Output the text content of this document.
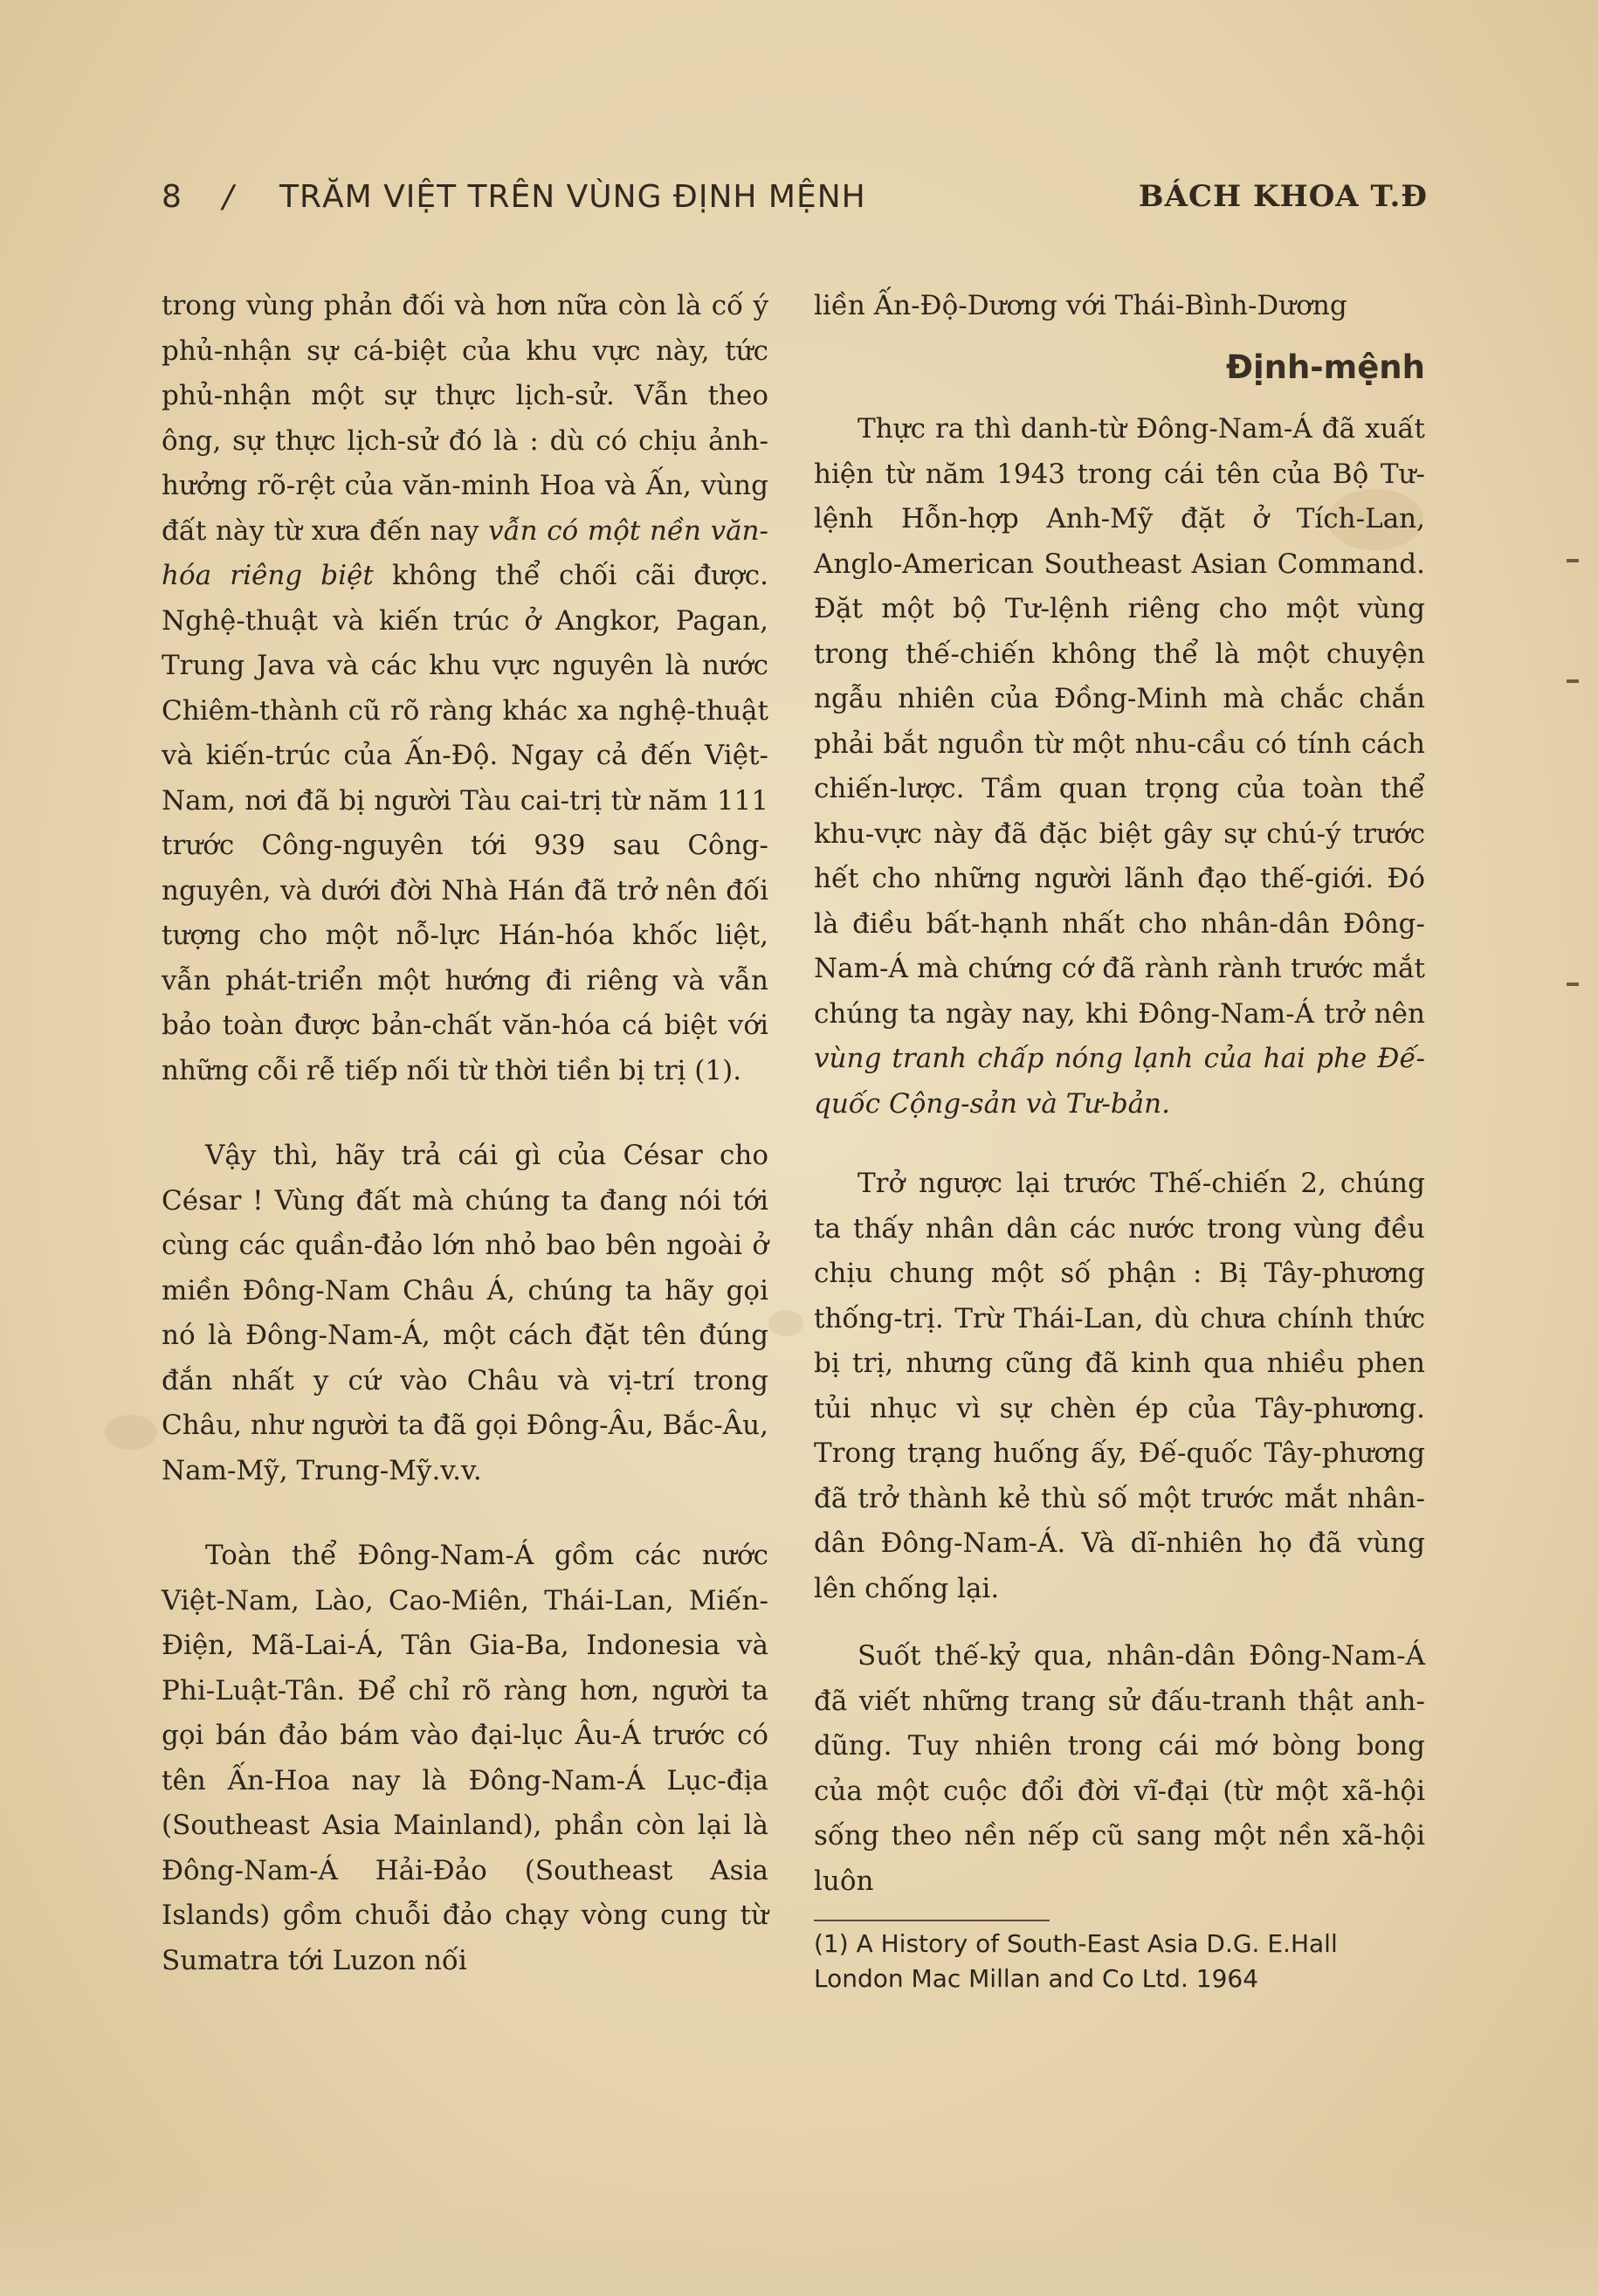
8 / TRĂM VIỆT TRÊN VÙNG ĐỊNH MỆNH	BÁCH KHOA T.Đ

trong vùng phản đối và hơn nữa còn là cố ý phủ-nhận sự cá-biệt của khu vực này, tức phủ-nhận một sự thực lịch-sử. Vẫn theo ông, sự thực lịch-sử đó là : dù có chịu ảnh-hưởng rõ-rệt của văn-minh Hoa và Ấn, vùng đất này từ xưa đến nay vẫn có một nền văn-hóa riêng biệt không thể chối cãi được. Nghệ-thuật và kiến trúc ở Angkor, Pagan, Trung Java và các khu vực nguyên là nước Chiêm-thành cũ rõ ràng khác xa nghệ-thuật và kiến-trúc của Ấn-Độ. Ngay cả đến Việt-Nam, nơi đã bị người Tàu cai-trị từ năm 111 trước Công-nguyên tới 939 sau Công-nguyên, và dưới đời Nhà Hán đã trở nên đối tượng cho một nỗ-lực Hán-hóa khốc liệt, vẫn phát-triển một hướng đi riêng và vẫn bảo toàn được bản-chất văn-hóa cá biệt với những cỗi rễ tiếp nối từ thời tiền bị trị (1).

Vậy thì, hãy trả cái gì của César cho César ! Vùng đất mà chúng ta đang nói tới cùng các quần-đảo lớn nhỏ bao bên ngoài ở miền Đông-Nam Châu Á, chúng ta hãy gọi nó là Đông-Nam-Á, một cách đặt tên đúng đắn nhất y cứ vào Châu và vị-trí trong Châu, như người ta đã gọi Đông-Âu, Bắc-Âu, Nam-Mỹ, Trung-Mỹ.v.v.

Toàn thể Đông-Nam-Á gồm các nước Việt-Nam, Lào, Cao-Miên, Thái-Lan, Miến-Điện, Mã-Lai-Á, Tân Gia-Ba, Indonesia và Phi-Luật-Tân. Để chỉ rõ ràng hơn, người ta gọi bán đảo bám vào đại-lục Âu-Á trước có tên Ấn-Hoa nay là Đông-Nam-Á Lục-địa (Southeast Asia Mainland), phần còn lại là Đông-Nam-Á Hải-Đảo (Southeast Asia Islands) gồm chuỗi đảo chạy vòng cung từ Sumatra tới Luzon nối

liền Ấn-Độ-Dương với Thái-Bình-Dương

Định-mệnh

Thực ra thì danh-từ Đông-Nam-Á đã xuất hiện từ năm 1943 trong cái tên của Bộ Tư-lệnh Hỗn-hợp Anh-Mỹ đặt ở Tích-Lan, Anglo-American Southeast Asian Command. Đặt một bộ Tư-lệnh riêng cho một vùng trong thế-chiến không thể là một chuyện ngẫu nhiên của Đồng-Minh mà chắc chắn phải bắt nguồn từ một nhu-cầu có tính cách chiến-lược. Tầm quan trọng của toàn thể khu-vực này đã đặc biệt gây sự chú-ý trước hết cho những người lãnh đạo thế-giới. Đó là điều bất-hạnh nhất cho nhân-dân Đông-Nam-Á mà chứng cớ đã rành rành trước mắt chúng ta ngày nay, khi Đông-Nam-Á trở nên vùng tranh chấp nóng lạnh của hai phe Đế-quốc Cộng-sản và Tư-bản.

Trở ngược lại trước Thế-chiến 2, chúng ta thấy nhân dân các nước trong vùng đều chịu chung một số phận : Bị Tây-phương thống-trị. Trừ Thái-Lan, dù chưa chính thức bị trị, nhưng cũng đã kinh qua nhiều phen tủi nhục vì sự chèn ép của Tây-phương. Trong trạng huống ấy, Đế-quốc Tây-phương đã trở thành kẻ thù số một trước mắt nhân-dân Đông-Nam-Á. Và dĩ-nhiên họ đã vùng lên chống lại.

Suốt thế-kỷ qua, nhân-dân Đông-Nam-Á đã viết những trang sử đấu-tranh thật anh-dũng. Tuy nhiên trong cái mớ bòng bong của một cuộc đổi đời vĩ-đại (từ một xã-hội sống theo nền nếp cũ sang một nền xã-hội luôn

(1) A History of South-East Asia D.G. E.Hall London Mac Millan and Co Ltd. 1964
